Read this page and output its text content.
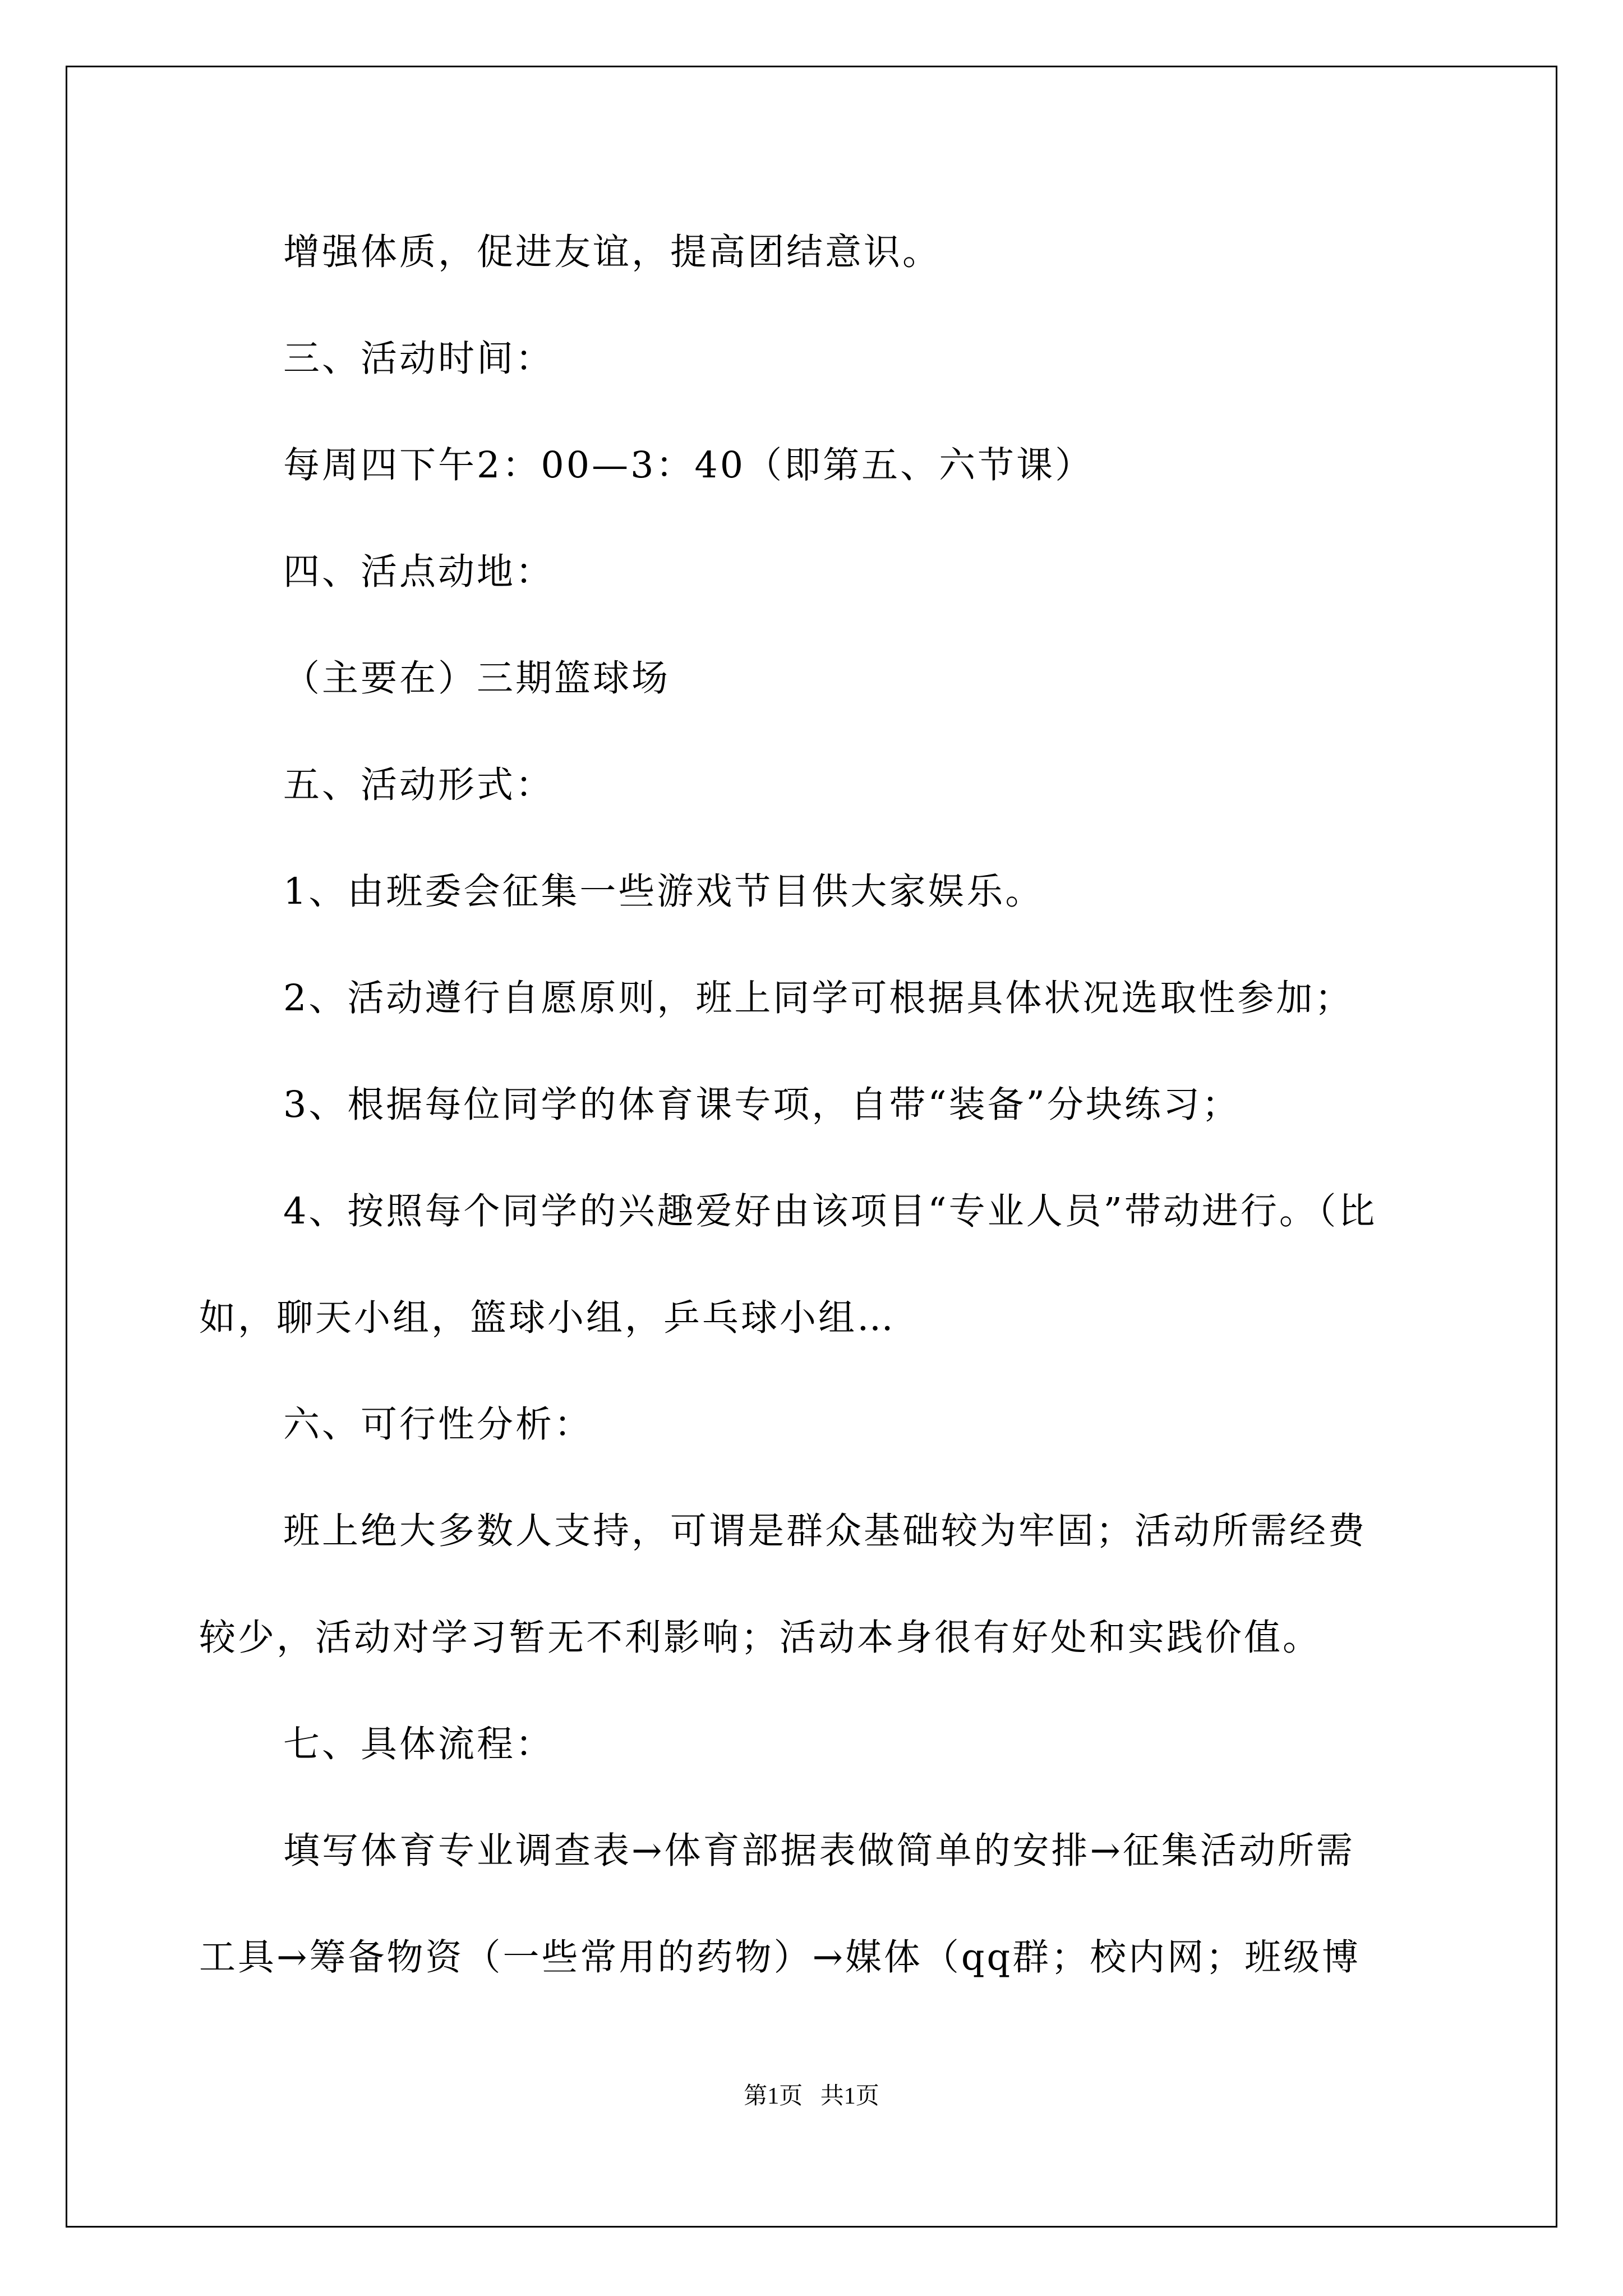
增强体质，促进友谊，提高团结意识。
三、活动时间：
每周四下午2：00—3：40（即第五、六节课）
四、活点动地：
（主要在）三期篮球场
五、活动形式：
1、由班委会征集一些游戏节目供大家娱乐。
2、活动遵行自愿原则，班上同学可根据具体状况选取性参加；
3、根据每位同学的体育课专项，自带“装备”分块练习；
4、按照每个同学的兴趣爱好由该项目“专业人员”带动进行。（比
如，聊天小组，篮球小组，乒乓球小组…
六、可行性分析：
班上绝大多数人支持，可谓是群众基础较为牢固；活动所需经费
较少，活动对学习暂无不利影响；活动本身很有好处和实践价值。
七、具体流程：
填写体育专业调查表→体育部据表做简单的安排→征集活动所需
工具→筹备物资（一些常用的药物）→媒体（qq群；校内网；班级博
第1页   共1页
